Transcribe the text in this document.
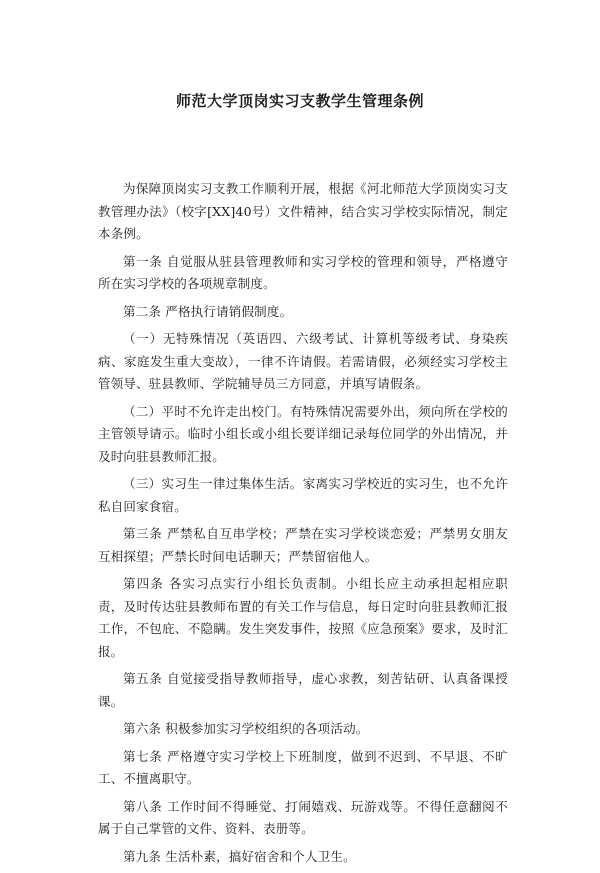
师范大学顶岗实习支教学生管理条例

为保障顶岗实习支教工作顺利开展，根据《河北师范大学顶岗实习支教管理办法》（校字[XX]40号）文件精神，结合实习学校实际情况，制定本条例。

第一条 自觉服从驻县管理教师和实习学校的管理和领导，严格遵守所在实习学校的各项规章制度。

第二条 严格执行请销假制度。

（一）无特殊情况（英语四、六级考试、计算机等级考试、身染疾病、家庭发生重大变故），一律不许请假。若需请假，必须经实习学校主管领导、驻县教师、学院辅导员三方同意，并填写请假条。

（二）平时不允许走出校门。有特殊情况需要外出，须向所在学校的主管领导请示。临时小组长或小组长要详细记录每位同学的外出情况，并及时向驻县教师汇报。

（三）实习生一律过集体生活。家离实习学校近的实习生，也不允许私自回家食宿。

第三条 严禁私自互串学校；严禁在实习学校谈恋爱；严禁男女朋友互相探望；严禁长时间电话聊天；严禁留宿他人。

第四条 各实习点实行小组长负责制。小组长应主动承担起相应职责，及时传达驻县教师布置的有关工作与信息，每日定时向驻县教师汇报工作，不包庇、不隐瞒。发生突发事件，按照《应急预案》要求，及时汇报。

第五条 自觉接受指导教师指导，虚心求教，刻苦钻研、认真备课授课。

第六条 积极参加实习学校组织的各项活动。

第七条 严格遵守实习学校上下班制度，做到不迟到、不早退、不旷工、不擅离职守。

第八条 工作时间不得睡觉、打闹嬉戏、玩游戏等。不得任意翻阅不属于自己掌管的文件、资料、表册等。

第九条 生活朴素，搞好宿舍和个人卫生。
